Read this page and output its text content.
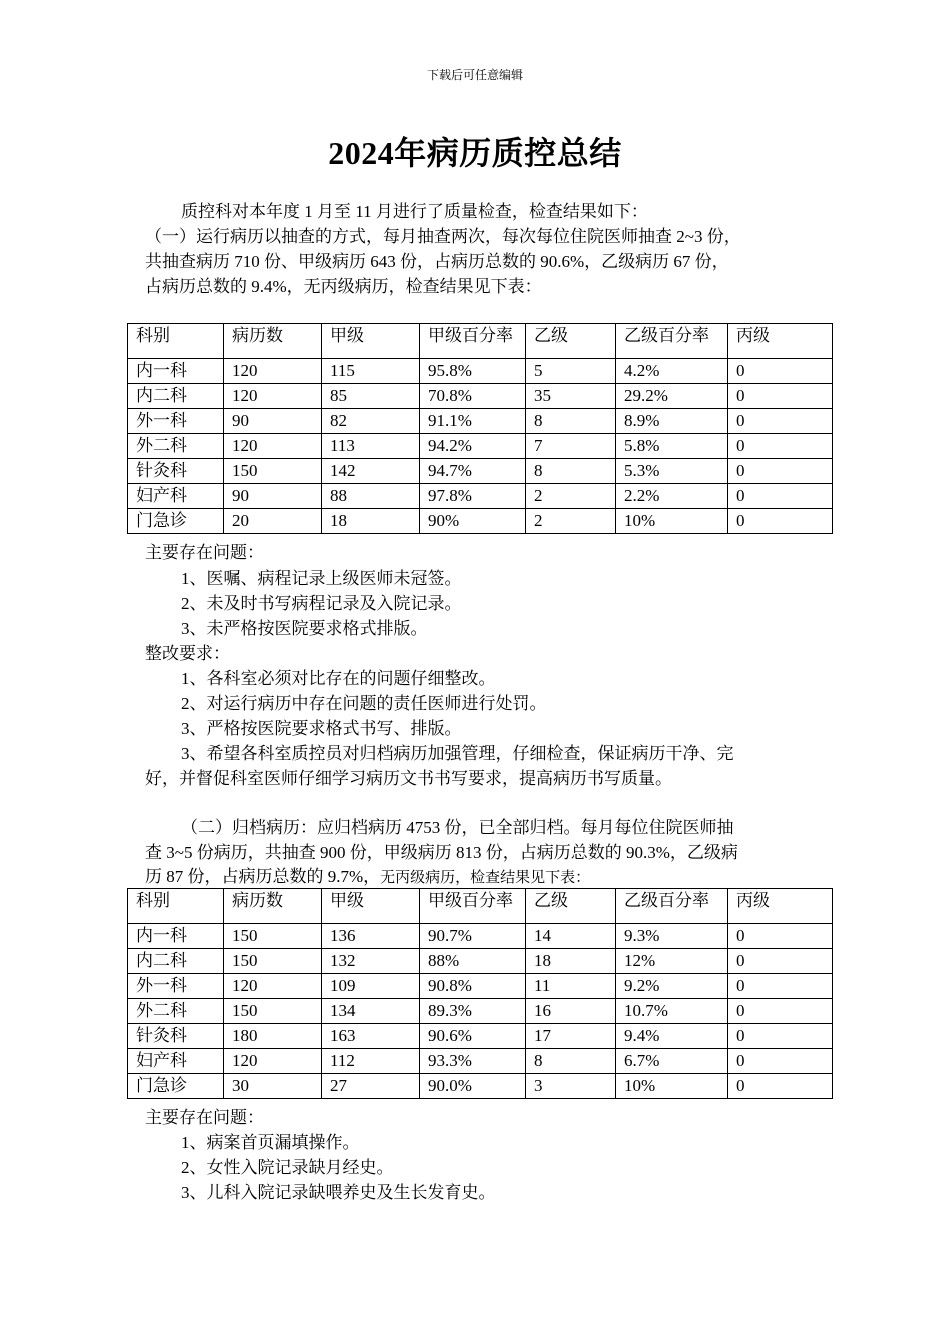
下载后可任意编辑
2024年病历质控总结
质控科对本年度 1 月至 11 月进行了质量检查，检查结果如下：
（一）运行病历以抽查的方式，每月抽查两次，每次每位住院医师抽查 2~3 份，
共抽查病历 710 份、甲级病历 643 份，占病历总数的 90.6%，乙级病历 67 份，
占病历总数的 9.4%，无丙级病历，检查结果见下表：
科别	病历数	甲级	甲级百分率	乙级	乙级百分率	丙级
内一科	120	115	95.8%	5	4.2%	0
内二科	120	85	70.8%	35	29.2%	0
外一科	90	82	91.1%	8	8.9%	0
外二科	120	113	94.2%	7	5.8%	0
针灸科	150	142	94.7%	8	5.3%	0
妇产科	90	88	97.8%	2	2.2%	0
门急诊	20	18	90%	2	10%	0
主要存在问题：
1、医嘱、病程记录上级医师未冠签。
2、未及时书写病程记录及入院记录。
3、未严格按医院要求格式排版。
整改要求：
1、各科室必须对比存在的问题仔细整改。
2、对运行病历中存在问题的责任医师进行处罚。
3、严格按医院要求格式书写、排版。
3、希望各科室质控员对归档病历加强管理，仔细检查，保证病历干净、完
好，并督促科室医师仔细学习病历文书书写要求，提高病历书写质量。
（二）归档病历：应归档病历 4753 份，已全部归档。每月每位住院医师抽
查 3~5 份病历，共抽查 900 份，甲级病历 813 份，占病历总数的 90.3%，乙级病
历 87 份，占病历总数的 9.7%，无丙级病历，检查结果见下表：
科别	病历数	甲级	甲级百分率	乙级	乙级百分率	丙级
内一科	150	136	90.7%	14	9.3%	0
内二科	150	132	88%	18	12%	0
外一科	120	109	90.8%	11	9.2%	0
外二科	150	134	89.3%	16	10.7%	0
针灸科	180	163	90.6%	17	9.4%	0
妇产科	120	112	93.3%	8	6.7%	0
门急诊	30	27	90.0%	3	10%	0
主要存在问题：
1、病案首页漏填操作。
2、女性入院记录缺月经史。
3、儿科入院记录缺喂养史及生长发育史。
